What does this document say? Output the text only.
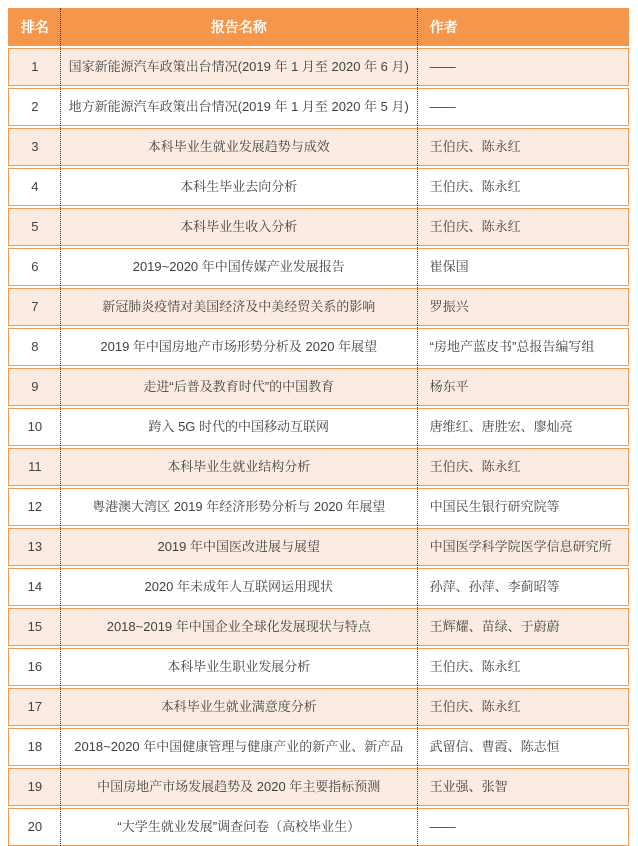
排名	报告名称	作者
1	国家新能源汽车政策出台情况(2019 年 1 月至 2020 年 6 月)	——
2	地方新能源汽车政策出台情况(2019 年 1 月至 2020 年 5 月)	——
3	本科毕业生就业发展趋势与成效	王伯庆、陈永红
4	本科生毕业去向分析	王伯庆、陈永红
5	本科毕业生收入分析	王伯庆、陈永红
6	2019~2020 年中国传媒产业发展报告	崔保国
7	新冠肺炎疫情对美国经济及中美经贸关系的影响	罗振兴
8	2019 年中国房地产市场形势分析及 2020 年展望	“房地产蓝皮书”总报告编写组
9	走进“后普及教育时代”的中国教育	杨东平
10	跨入 5G 时代的中国移动互联网	唐维红、唐胜宏、廖灿亮
11	本科毕业生就业结构分析	王伯庆、陈永红
12	粤港澳大湾区 2019 年经济形势分析与 2020 年展望	中国民生银行研究院等
13	2019 年中国医改进展与展望	中国医学科学院医学信息研究所
14	2020 年未成年人互联网运用现状	孙萍、孙萍、李蓟昭等
15	2018~2019 年中国企业全球化发展现状与特点	王辉耀、苗绿、于蔚蔚
16	本科毕业生职业发展分析	王伯庆、陈永红
17	本科毕业生就业满意度分析	王伯庆、陈永红
18	2018~2020 年中国健康管理与健康产业的新产业、新产品	武留信、曹霞、陈志恒
19	中国房地产市场发展趋势及 2020 年主要指标预测	王业强、张智
20	“大学生就业发展”调查问卷（高校毕业生）	——
